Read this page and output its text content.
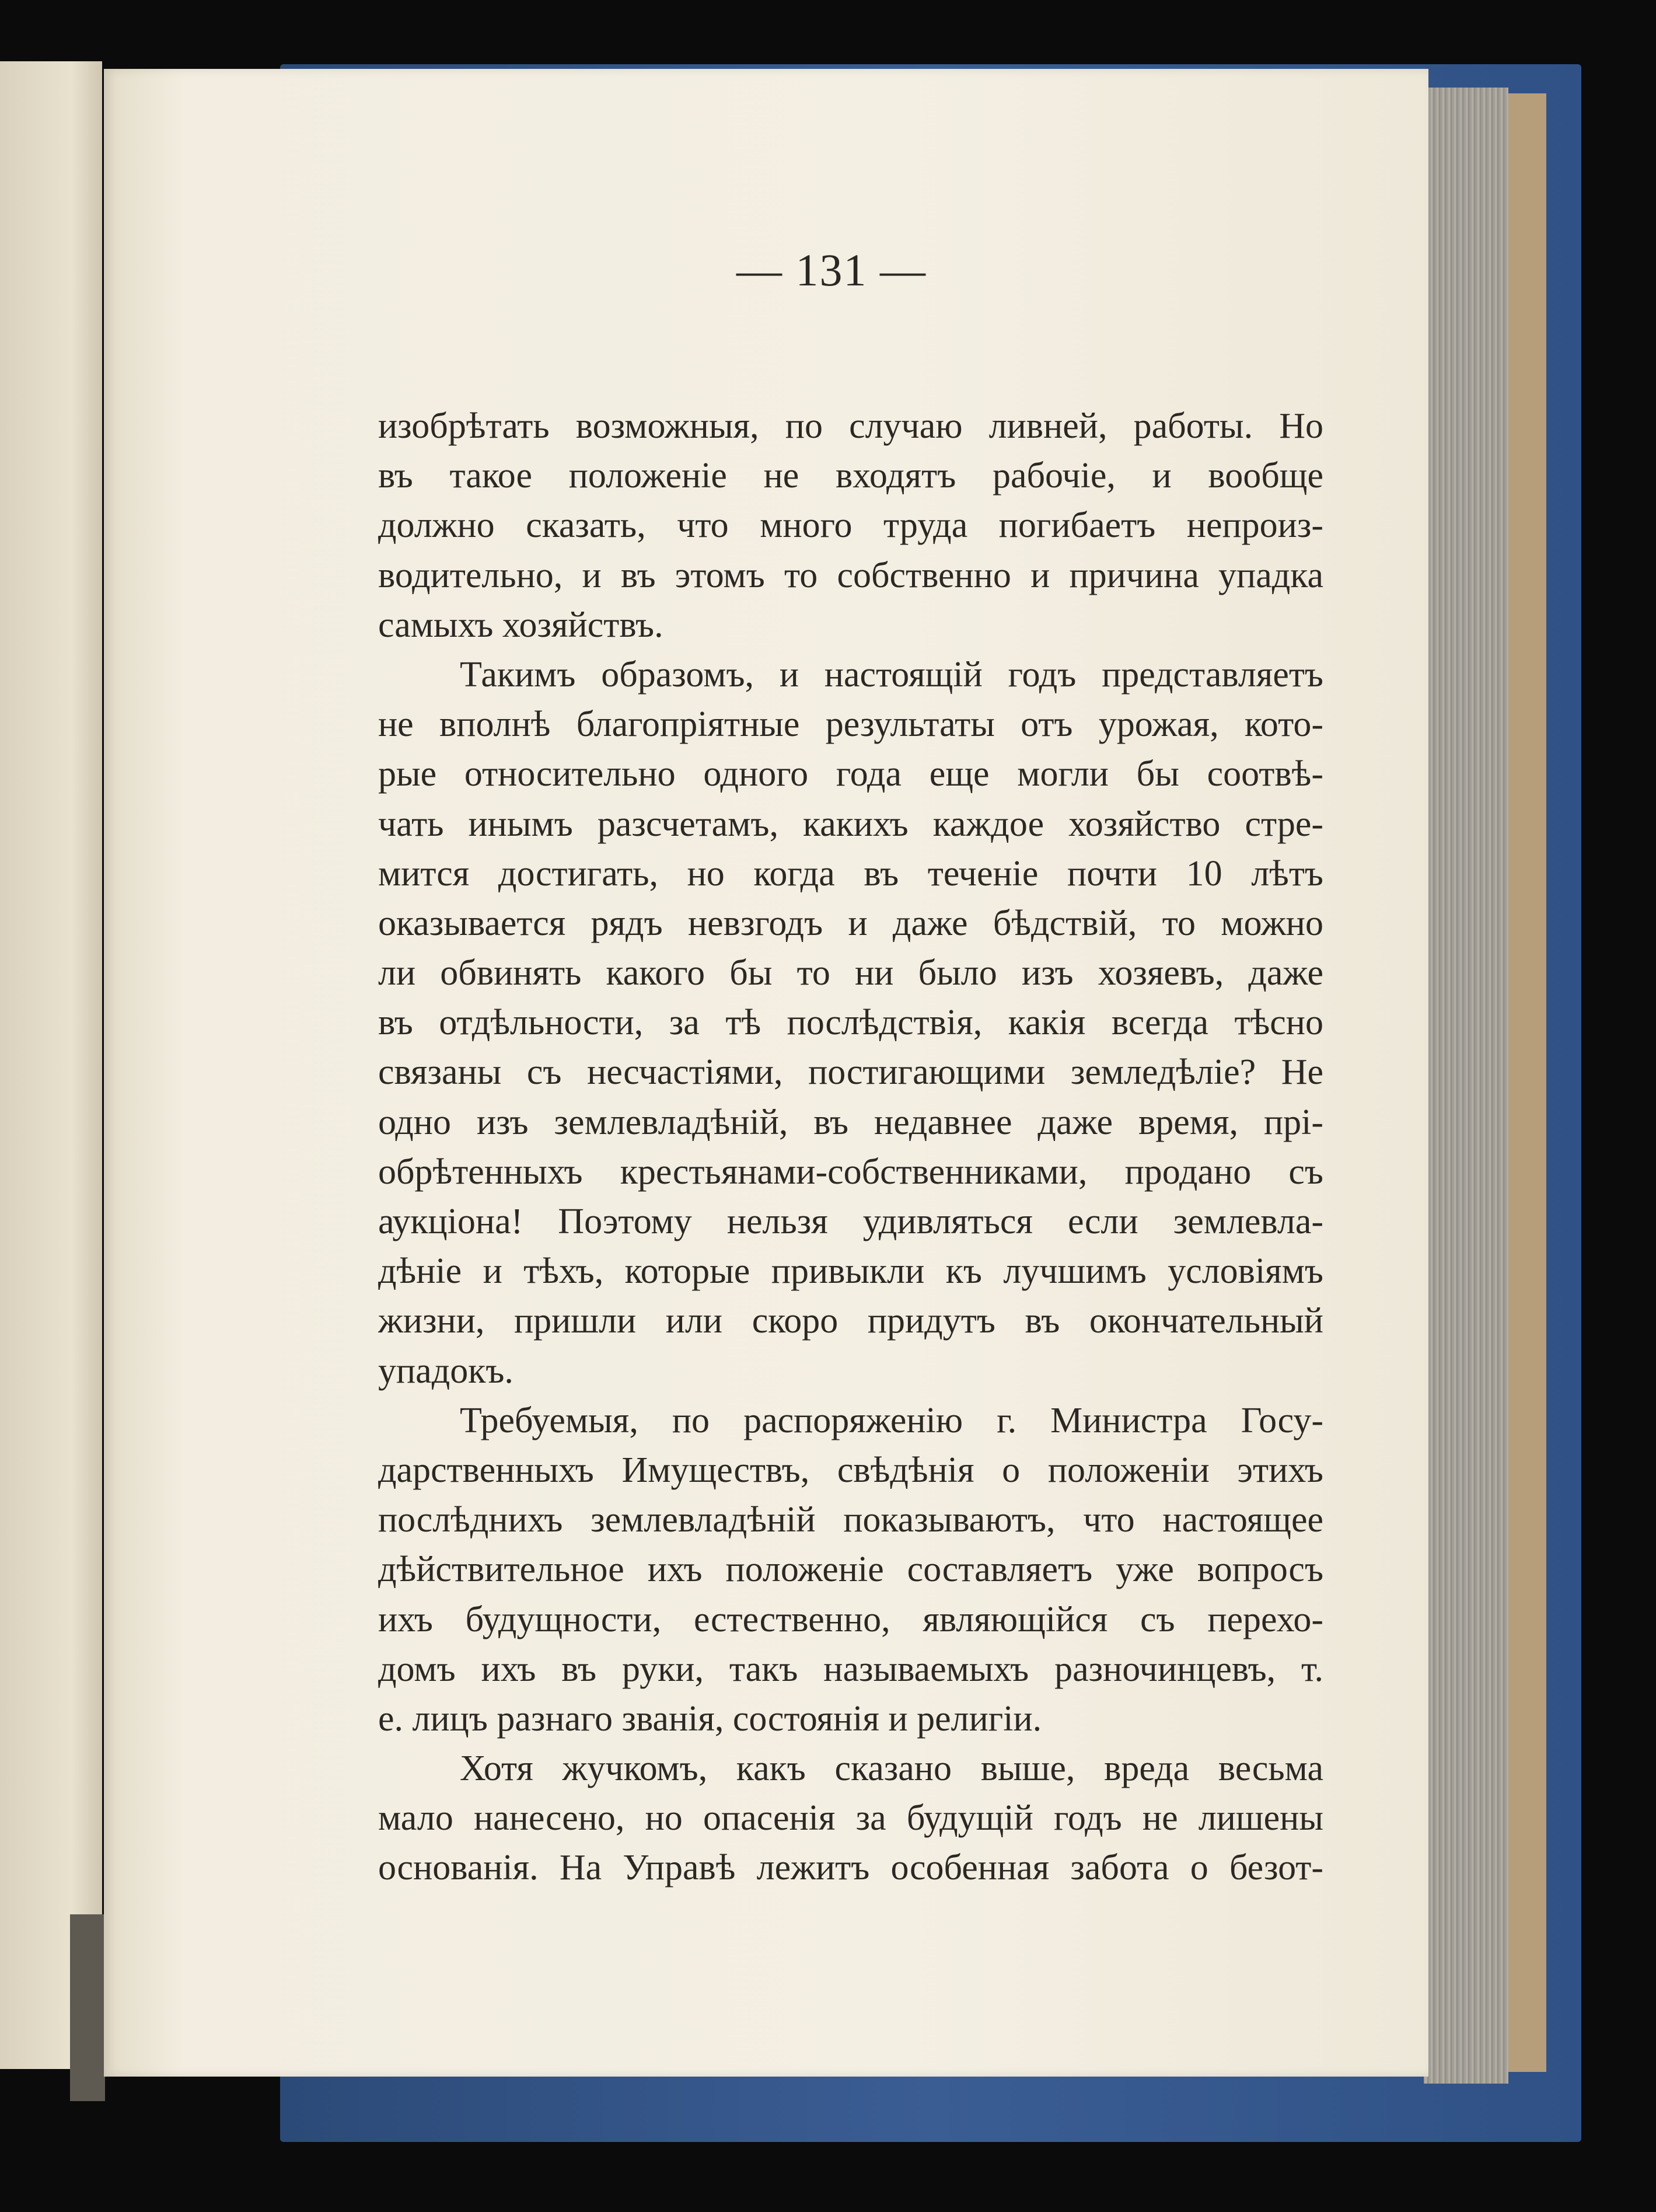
— 131 —
изобрѣтать возможныя, по случаю ливней, работы. Но
въ такое положеніе не входятъ рабочіе, и вообще
должно сказать, что много труда погибаетъ непроиз-
водительно, и въ этомъ то собственно и причина упадка
самыхъ хозяйствъ.
Такимъ образомъ, и настоящій годъ представляетъ
не вполнѣ благопріятные результаты отъ урожая, кото-
рые относительно одного года еще могли бы соотвѣ-
чать инымъ разсчетамъ, какихъ каждое хозяйство стре-
мится достигать, но когда въ теченіе почти 10 лѣтъ
оказывается рядъ невзгодъ и даже бѣдствій, то можно
ли обвинять какого бы то ни было изъ хозяевъ, даже
въ отдѣльности, за тѣ послѣдствія, какія всегда тѣсно
связаны съ несчастіями, постигающими земледѣліе? Не
одно изъ землевладѣній, въ недавнее даже время, прі-
обрѣтенныхъ крестьянами-собственниками, продано съ
аукціона! Поэтому нельзя удивляться если землевла-
дѣніе и тѣхъ, которые привыкли къ лучшимъ условіямъ
жизни, пришли или скоро придутъ въ окончательный
упадокъ.
Требуемыя, по распоряженію г. Министра Госу-
дарственныхъ Имуществъ, свѣдѣнія о положеніи этихъ
послѣднихъ землевладѣній показываютъ, что настоящее
дѣйствительное ихъ положеніе составляетъ уже вопросъ
ихъ будущности, естественно, являющійся съ перехо-
домъ ихъ въ руки, такъ называемыхъ разночинцевъ, т.
е. лицъ разнаго званія, состоянія и религіи.
Хотя жучкомъ, какъ сказано выше, вреда весьма
мало нанесено, но опасенія за будущій годъ не лишены
основанія. На Управѣ лежитъ особенная забота о безот-
